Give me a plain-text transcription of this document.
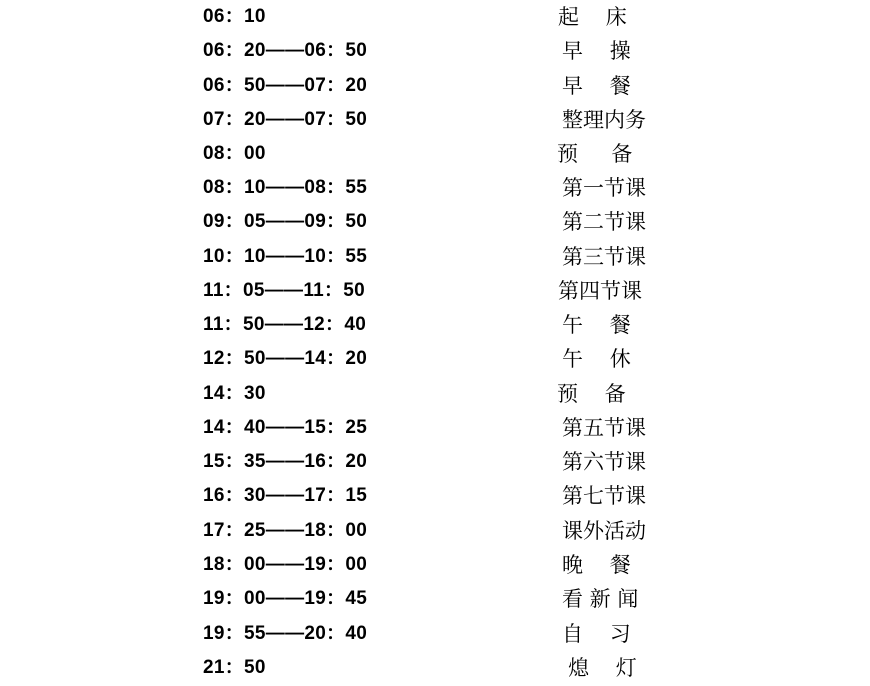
06：10	起    床
06：20——06：50	早    操
06：50——07：20	早    餐
07：20——07：50	整理内务
08：00	预     备
08：10——08：55	第一节课
09：05——09：50	第二节课
10：10——10：55	第三节课
11：05——11：50	第四节课
11：50——12：40	午    餐
12：50——14：20	午    休
14：30	预    备
14：40——15：25	第五节课
15：35——16：20	第六节课
16：30——17：15	第七节课
17：25——18：00	课外活动
18：00——19：00	晚    餐
19：00——19：45	看 新 闻
19：55——20：40	自    习
21：50	熄    灯
